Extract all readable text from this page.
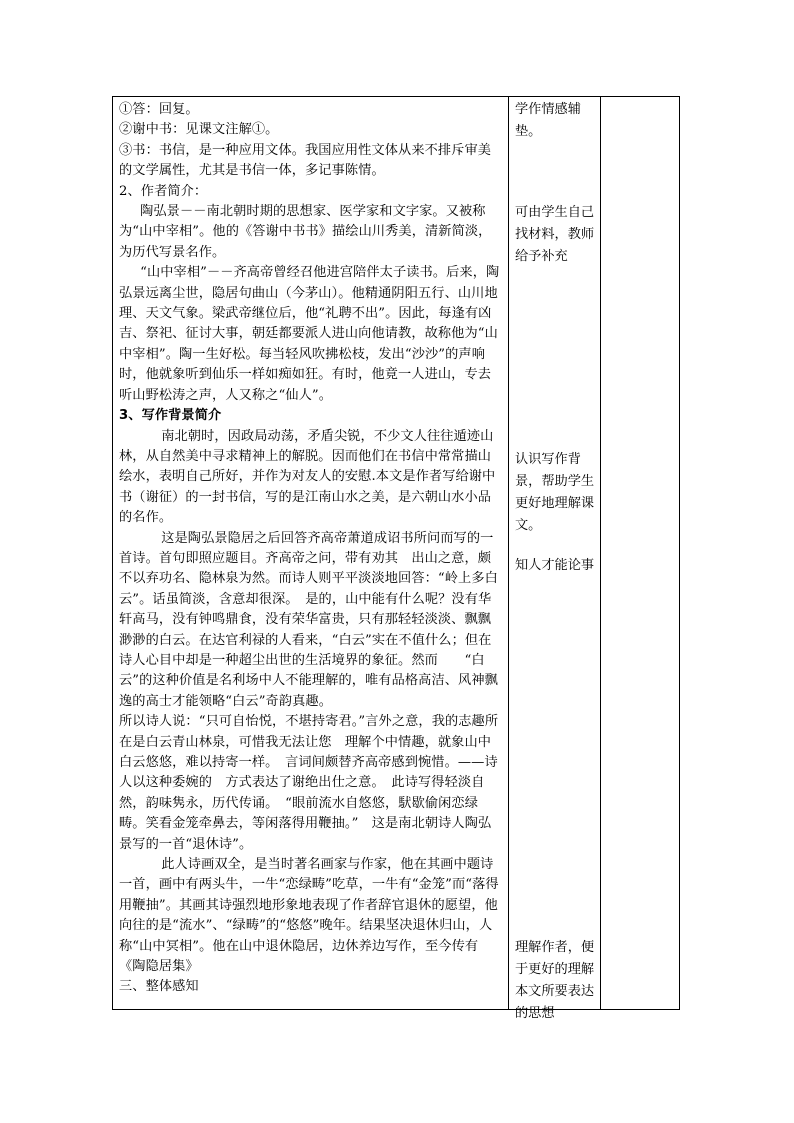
①答：回复。

②谢中书：见课文注解①。

③书：书信，是一种应用文体。我国应用性文体从来不排斥审美的文学属性，尤其是书信一体，多记事陈情。

2、作者简介：

陶弘景－－南北朝时期的思想家、医学家和文字家。又被称为“山中宰相”。他的《答谢中书书》描绘山川秀美，清新简淡，为历代写景名作。

“山中宰相”－－齐高帝曾经召他进宫陪伴太子读书。后来，陶弘景远离尘世，隐居句曲山（今茅山）。他精通阴阳五行、山川地理、天文气象。梁武帝继位后，他“礼聘不出”。因此，每逢有凶吉、祭祀、征讨大事，朝廷都要派人进山向他请教，故称他为“山中宰相”。陶一生好松。每当轻风吹拂松枝，发出“沙沙”的声响时，他就象听到仙乐一样如痴如狂。有时，他竟一人进山，专去听山野松涛之声，人又称之“仙人”。

3、写作背景简介

南北朝时，因政局动荡，矛盾尖锐，不少文人往往遁迹山林，从自然美中寻求精神上的解脱。因而他们在书信中常常描山绘水，表明自己所好，并作为对友人的安慰.本文是作者写给谢中书（谢征）的一封书信，写的是江南山水之美，是六朝山水小品的名作。

这是陶弘景隐居之后回答齐高帝萧道成诏书所问而写的一首诗。首句即照应题目。齐高帝之问，带有劝其　出山之意，颇不以弃功名、隐林泉为然。而诗人则平平淡淡地回答：“岭上多白云”。话虽简淡，含意却很深。　是的，山中能有什么呢？没有华轩高马，没有钟鸣鼎食，没有荣华富贵，只有那轻轻淡淡、飘飘渺渺的白云。在达官利禄的人看来，“白云”实在不值什么；但在诗人心目中却是一种超尘出世的生活境界的象征。然而　　“白云”的这种价值是名利场中人不能理解的，唯有品格高洁、风神飘逸的高士才能领略“白云”奇韵真趣。

所以诗人说：“只可自怡悦，不堪持寄君。”言外之意，我的志趣所在是白云青山林泉，可惜我无法让您　理解个中情趣，就象山中白云悠悠，难以持寄一样。　言词间颇替齐高帝感到惋惜。——诗人以这种委婉的　方式表达了谢绝出仕之意。　此诗写得轻淡自然，韵味隽永，历代传诵。　“眼前流水自悠悠，䭾歇偷闲恋绿畴。笑看金笼牵鼻去，等闲落得用鞭抽。”　这是南北朝诗人陶弘景写的一首“退休诗”。

此人诗画双全，是当时著名画家与作家，他在其画中题诗一首，画中有两头牛，一牛“恋绿畴”吃草，一牛有“金笼”而“落得用鞭抽”。其画其诗强烈地形象地表现了作者辞官退休的愿望，他向往的是“流水”、“绿畴”的“悠悠”晚年。结果坚决退休归山，人称“山中冥相”。他在山中退休隐居，边休养边写作，至今传有《陶隐居集》

三、整体感知

学作情感辅垫。
可由学生自己找材料，教师给予补充
认识写作背景，帮助学生更好地理解课文。
知人才能论事
理解作者，便于更好的理解本文所要表达的思想
